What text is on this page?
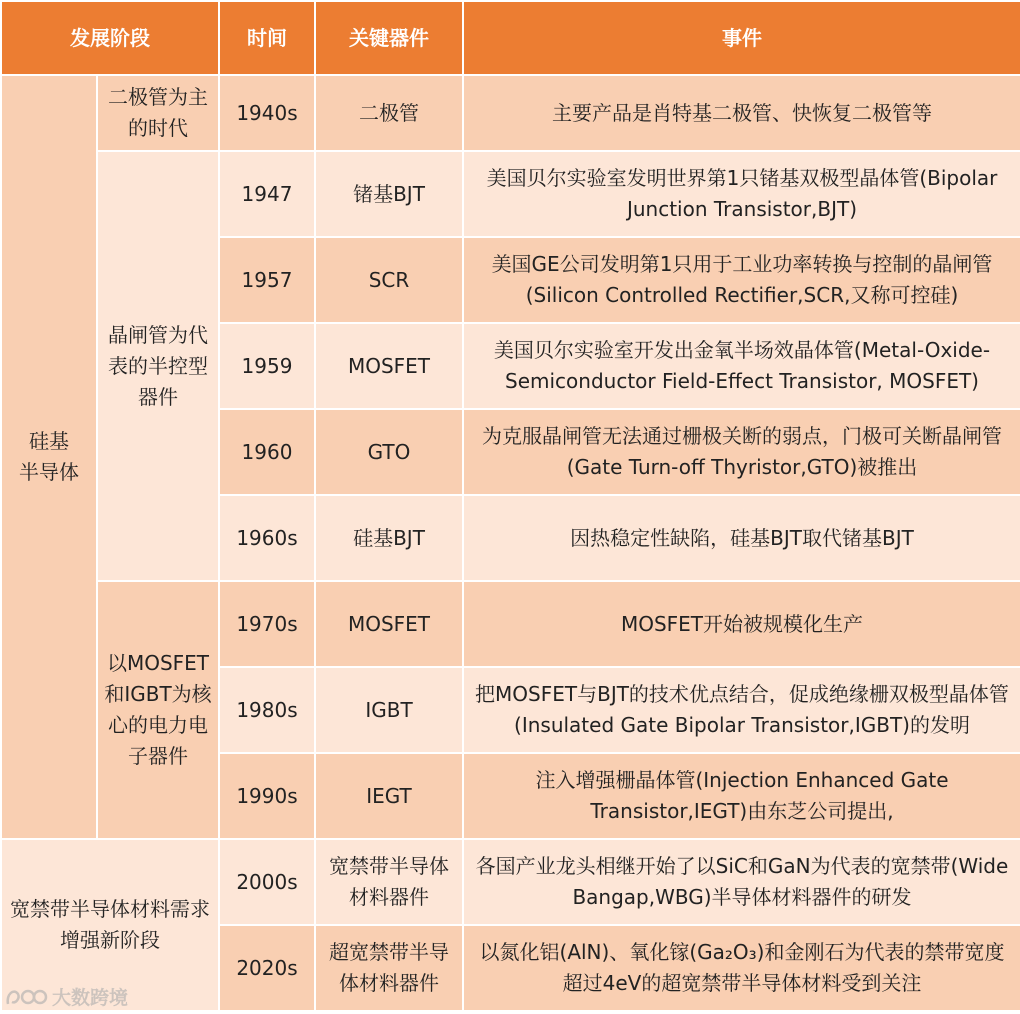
发展阶段		时间	关键器件	事件
硅基
半导体	二极管为主的时代	1940s	二极管	主要产品是肖特基二极管、快恢复二极管等
	晶闸管为代表的半控型器件	1947	锗基BJT	美国贝尔实验室发明世界第1只锗基双极型晶体管(Bipolar Junction Transistor,BJT)
		1957	SCR	美国GE公司发明第1只用于工业功率转换与控制的晶闸管(Silicon Controlled Rectifier,SCR,又称可控硅)
		1959	MOSFET	美国贝尔实验室开发出金氧半场效晶体管(Metal-Oxide-Semiconductor Field-Effect Transistor, MOSFET)
		1960	GTO	为克服晶闸管无法通过栅极关断的弱点，门极可关断晶闸管(Gate Turn-off Thyristor,GTO)被推出
		1960s	硅基BJT	因热稳定性缺陷，硅基BJT取代锗基BJT
	以MOSFET和IGBT为核心的电力电子器件	1970s	MOSFET	MOSFET开始被规模化生产
		1980s	IGBT	把MOSFET与BJT的技术优点结合，促成绝缘栅双极型晶体管(Insulated Gate Bipolar Transistor,IGBT)的发明
		1990s	IEGT	注入增强栅晶体管(Injection Enhanced Gate Transistor,IEGT)由东芝公司提出,
宽禁带半导体材料需求增强新阶段		2000s	宽禁带半导体材料器件	各国产业龙头相继开始了以SiC和GaN为代表的宽禁带(Wide Bangap,WBG)半导体材料器件的研发
		2020s	超宽禁带半导体材料器件	以氮化铝(AlN)、氧化镓(Ga₂O₃)和金刚石为代表的禁带宽度超过4eV的超宽禁带半导体材料受到关注
大数跨境
